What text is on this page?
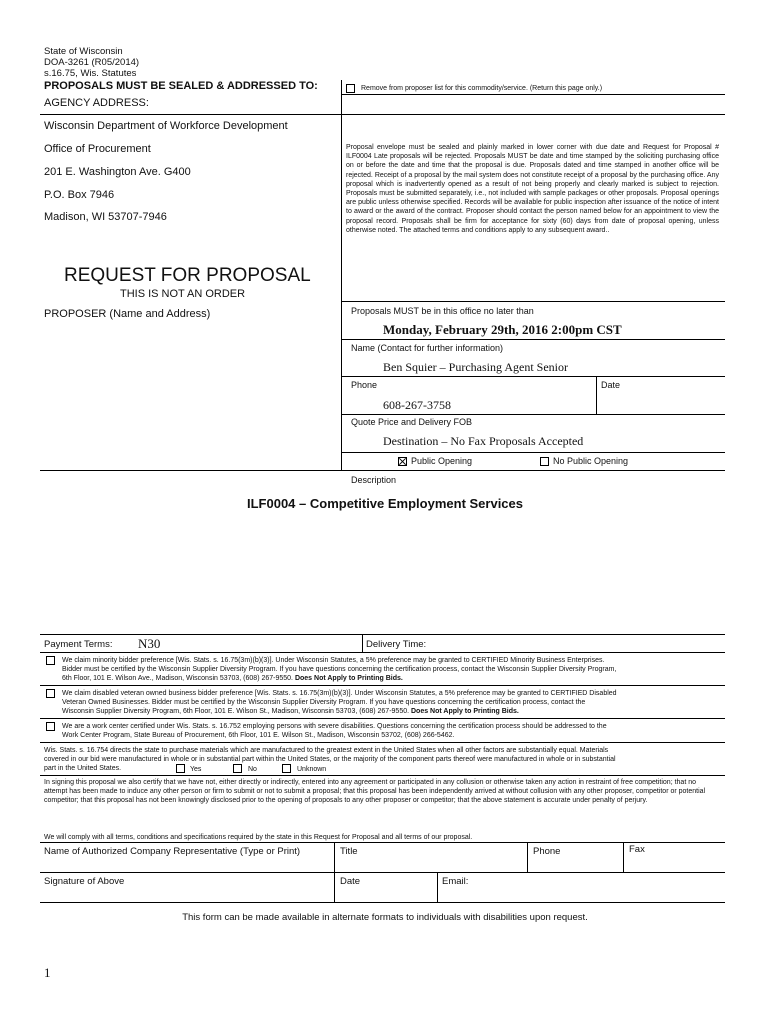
State of Wisconsin
DOA-3261 (R05/2014)
s.16.75, Wis. Statutes
PROPOSALS MUST BE SEALED & ADDRESSED TO:
AGENCY ADDRESS:
Remove from proposer list for this commodity/service. (Return this page only.)
Wisconsin Department of Workforce Development
Office of Procurement
201 E. Washington Ave. G400
P.O. Box 7946
Madison, WI 53707-7946
Proposal envelope must be sealed and plainly marked in lower corner with due date and Request for Proposal # ILF0004 Late proposals will be rejected. Proposals MUST be date and time stamped by the soliciting purchasing office on or before the date and time that the proposal is due. Proposals dated and time stamped in another office will be rejected. Receipt of a proposal by the mail system does not constitute receipt of a proposal by the purchasing office. Any proposal which is inadvertently opened as a result of not being properly and clearly marked is subject to rejection. Proposals must be submitted separately, i.e., not included with sample packages or other proposals. Proposal openings are public unless otherwise specified. Records will be available for public inspection after issuance of the notice of intent to award or the award of the contract. Proposer should contact the person named below for an appointment to view the proposal record. Proposals shall be firm for acceptance for sixty (60) days from date of proposal opening, unless otherwise noted. The attached terms and conditions apply to any subsequent award..
REQUEST FOR PROPOSAL
THIS IS NOT AN ORDER
PROPOSER (Name and Address)	Proposals MUST be in this office no later than
Monday, February 29th, 2016 2:00pm CST
Name (Contact for further information)
Ben Squier – Purchasing Agent Senior
Phone	Date
608-267-3758
Quote Price and Delivery FOB
Destination – No Fax Proposals Accepted
Public Opening	No Public Opening
Description
ILF0004 – Competitive Employment Services
Payment Terms: N30	Delivery Time:
We claim minority bidder preference [Wis. Stats. s. 16.75(3m)(b)(3)]. Under Wisconsin Statutes, a 5% preference may be granted to CERTIFIED Minority Business Enterprises.
Bidder must be certified by the Wisconsin Supplier Diversity Program. If you have questions concerning the certification process, contact the Wisconsin Supplier Diversity Program,
6th Floor, 101 E. Wilson Ave., Madison, Wisconsin 53703, (608) 267-9550. Does Not Apply to Printing Bids.
We claim disabled veteran owned business bidder preference [Wis. Stats. s. 16.75(3m)(b)(3)]. Under Wisconsin Statutes, a 5% preference may be granted to CERTIFIED Disabled
Veteran Owned Businesses. Bidder must be certified by the Wisconsin Supplier Diversity Program. If you have questions concerning the certification process, contact the
Wisconsin Supplier Diversity Program, 6th Floor, 101 E. Wilson St., Madison, Wisconsin 53703, (608) 267-9550. Does Not Apply to Printing Bids.
We are a work center certified under Wis. Stats. s. 16.752 employing persons with severe disabilities. Questions concerning the certification process should be addressed to the
Work Center Program, State Bureau of Procurement, 6th Floor, 101 E. Wilson St., Madison, Wisconsin 53702, (608) 266-5462.
Wis. Stats. s. 16.754 directs the state to purchase materials which are manufactured to the greatest extent in the United States when all other factors are substantially equal. Materials
covered in our bid were manufactured in whole or in substantial part within the United States, or the majority of the component parts thereof were manufactured in whole or in substantial
part in the United States.	Yes	No	Unknown
In signing this proposal we also certify that we have not, either directly or indirectly, entered into any agreement or participated in any collusion or otherwise taken any action in restraint of free competition; that no attempt has been made to induce any other person or firm to submit or not to submit a proposal; that this proposal has been independently arrived at without collusion with any other proposer, competitor or potential competitor; that this proposal has not been knowingly disclosed prior to the opening of proposals to any other proposer or competitor; that the above statement is accurate under penalty of perjury.
We will comply with all terms, conditions and specifications required by the state in this Request for Proposal and all terms of our proposal.
Name of Authorized Company Representative (Type or Print)	Title	Phone	Fax
Signature of Above	Date	Email:
This form can be made available in alternate formats to individuals with disabilities upon request.
1
